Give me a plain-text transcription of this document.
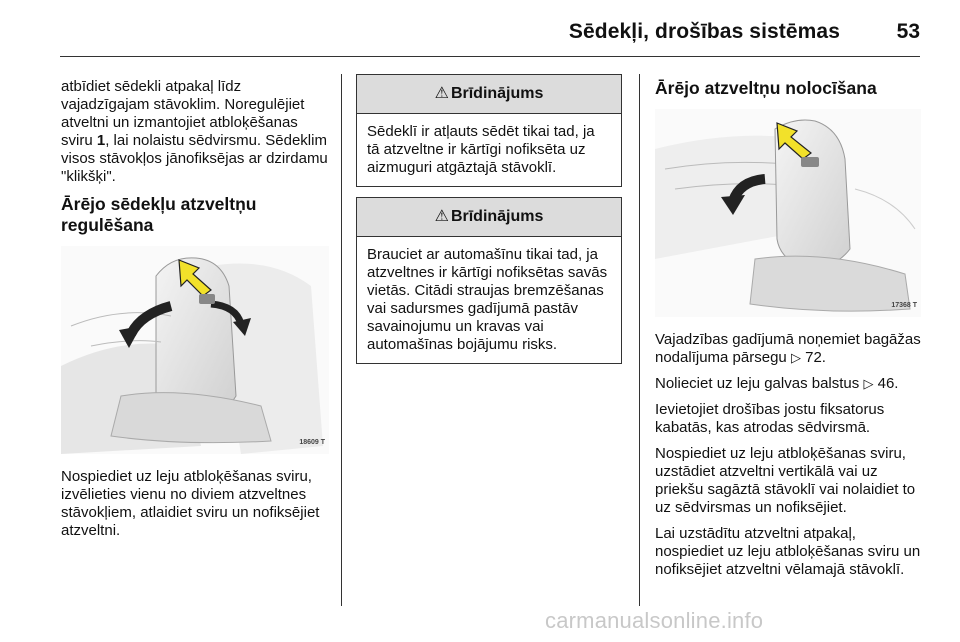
Sēdekļi, drošības sistēmas	53

atbīdiet sēdekli atpakaļ līdz vajadzīgajam stāvoklim. Noregulējiet atveltni un izmantojiet atbloķēšanas sviru 1, lai nolaistu sēdvirsmu. Sēdeklim visos stāvokļos jānofiksējas ar dzirdamu "klikšķi".

Ārējo sēdekļu atzveltņu regulēšana
18609 T

Nospiediet uz leju atbloķēšanas sviru, izvēlieties vienu no diviem atzveltnes stāvokļiem, atlaidiet sviru un nofiksējiet atzveltni.

⚠ Brīdinājums
Sēdeklī ir atļauts sēdēt tikai tad, ja tā atzveltne ir kārtīgi nofiksēta uz aizmuguri atgāztajā stāvoklī.
⚠ Brīdinājums
Brauciet ar automašīnu tikai tad, ja atzveltnes ir kārtīgi nofiksētas savās vietās. Citādi straujas bremzēšanas vai sadursmes gadījumā pastāv savainojumu un kravas vai automašīnas bojājumu risks.
Ārējo atzveltņu nolocīšana
17368 T

Vajadzības gadījumā noņemiet bagāžas nodalījuma pārsegu ▷ 72.

Nolieciet uz leju galvas balstus ▷ 46.

Ievietojiet drošības jostu fiksatorus kabatās, kas atrodas sēdvirsmā.

Nospiediet uz leju atbloķēšanas sviru, uzstādiet atzveltni vertikālā vai uz priekšu sagāztā stāvoklī vai nolaidiet to uz sēdvirsmas un nofiksējiet.

Lai uzstādītu atzveltni atpakaļ, nospiediet uz leju atbloķēšanas sviru un nofiksējiet atzveltni vēlamajā stāvoklī.

carmanualsonline.info
